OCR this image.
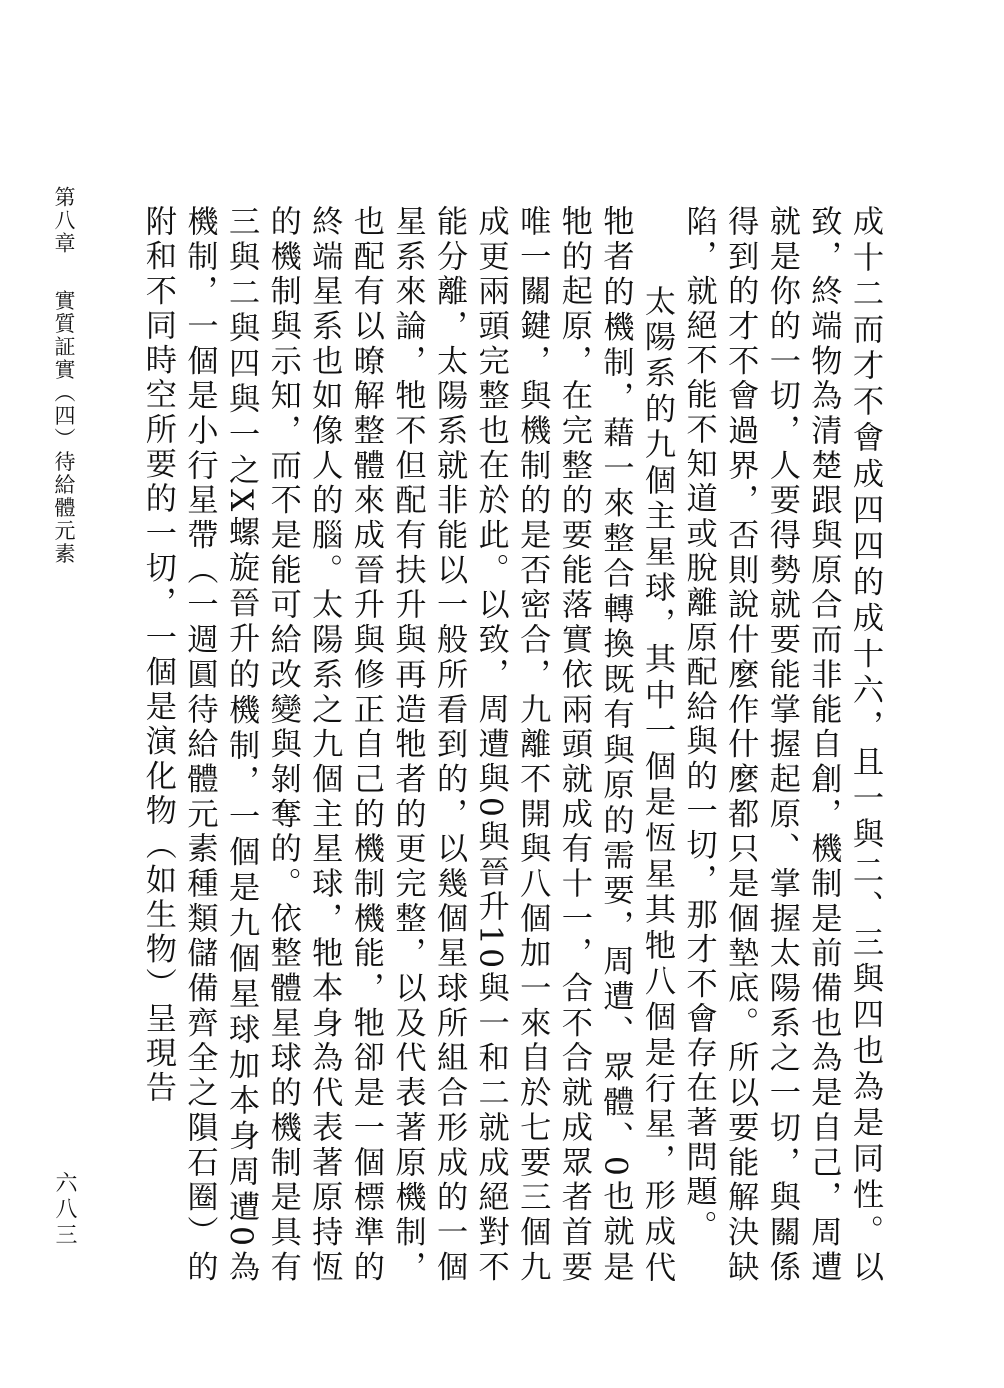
第八章 實質証實（四）待給體元素	成十二而才不會成四四的成十六，且一與二、三與四也為是同性。以致，終端物為清楚跟與原合而非能自創，機制是前備也為是自己，周遭就是你的一切，人要得勢就要能掌握起原、掌握太陽系之一切，與關係得到的才不會過界，否則說什麼作什麼都只是個墊底。所以要能解決缺陷，就絕不能不知道或脫離原配給與的一切，那才不會存在著問題。

太陽系的九個主星球，其中一個是恆星其牠八個是行星，形成代牠者的機制，藉一來整合轉換既有與原的需要，周遭、眾體、0也就是牠的起原，在完整的要能落實依兩頭就成有十一，合不合就成眾者首要唯一關鍵，與機制的是否密合，九離不開與八個加一來自於七要三個九成更兩頭完整也在於此。以致，周遭與0與晉升10與一和二就成絕對不能分離，太陽系就非能以一般所看到的，以幾個星球所組合形成的一個星系來論，牠不但配有扶升與再造牠者的更完整，以及代表著原機制，也配有以暸解整體來成晉升與修正自己的機制機能，牠卻是一個標準的終端星系也如像人的腦。太陽系之九個主星球，牠本身為代表著原持恆的機制與示知，而不是能可給改變與剝奪的。依整體星球的機制是具有三與二與四與一之X螺旋晉升的機制，一個是九個星球加本身周遭0為機制，一個是小行星帶（一週圓待給體元素種類儲備齊全之隕石圈）的附和不同時空所要的一切，一個是演化物（如生物）呈現告

六八三
